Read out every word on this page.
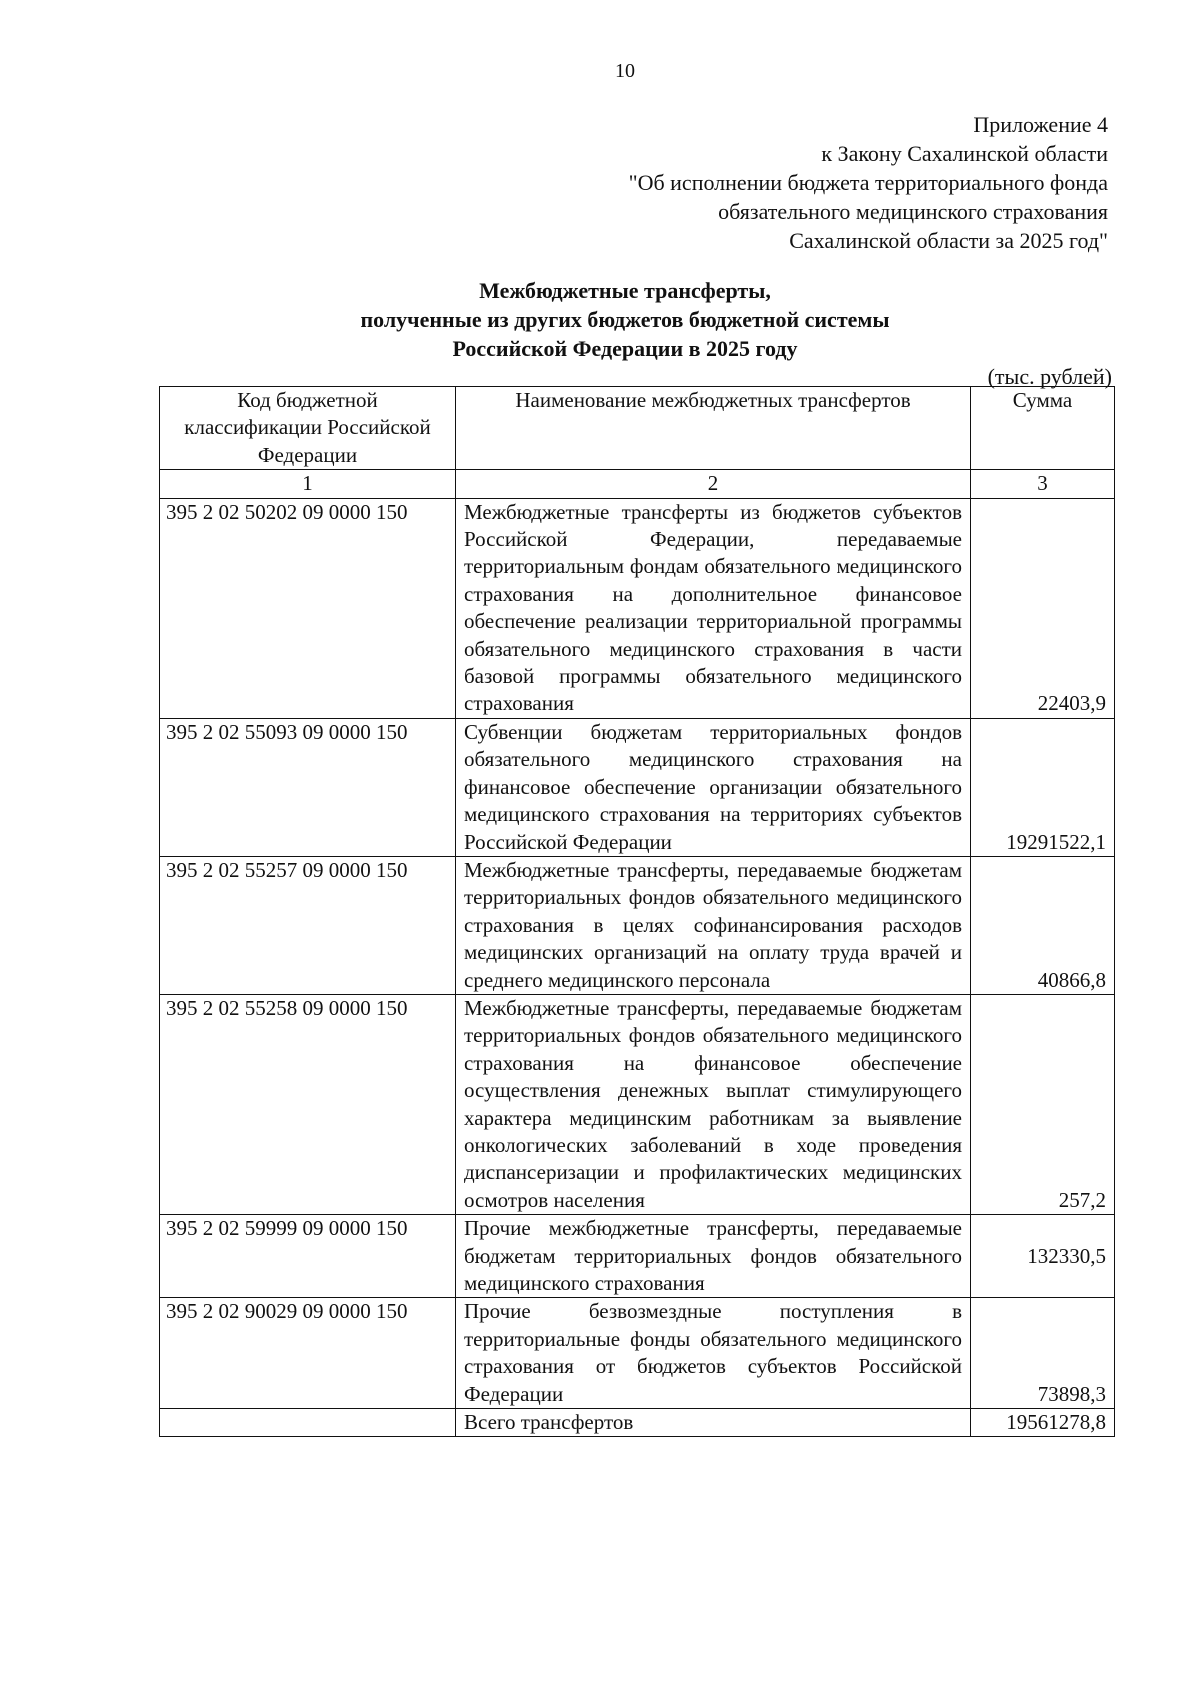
10
Приложение 4
к Закону Сахалинской области
"Об исполнении бюджета территориального фонда
обязательного медицинского страхования
Сахалинской области за 2025 год"
Межбюджетные трансферты,
полученные из других бюджетов бюджетной системы
Российской Федерации в 2025 году
(тыс. рублей)
Код бюджетной классификации Российской Федерации	Наименование межбюджетных трансфертов	Сумма
1	2	3
395 2 02 50202 09 0000 150	Межбюджетные трансферты из бюджетов субъектов Российской Федерации, передаваемые территориальным фондам обязательного медицинского страхования на дополнительное финансовое обеспечение реализации территориальной программы обязательного медицинского страхования в части базовой программы обязательного медицинского страхования	22403,9
395 2 02 55093 09 0000 150	Субвенции бюджетам территориальных фондов обязательного медицинского страхования на финансовое обеспечение организации обязательного медицинского страхования на территориях субъектов Российской Федерации	19291522,1
395 2 02 55257 09 0000 150	Межбюджетные трансферты, передаваемые бюджетам территориальных фондов обязательного медицинского страхования в целях софинансирования расходов медицинских организаций на оплату труда врачей и среднего медицинского персонала	40866,8
395 2 02 55258 09 0000 150	Межбюджетные трансферты, передаваемые бюджетам территориальных фондов обязательного медицинского страхования на финансовое обеспечение осуществления денежных выплат стимулирующего характера медицинским работникам за выявление онкологических заболеваний в ходе проведения диспансеризации и профилактических медицинских осмотров населения	257,2
395 2 02 59999 09 0000 150	Прочие межбюджетные трансферты, передаваемые бюджетам территориальных фондов обязательного медицинского страхования	132330,5
395 2 02 90029 09 0000 150	Прочие безвозмездные поступления в территориальные фонды обязательного медицинского страхования от бюджетов субъектов Российской Федерации	73898,3
	Всего трансфертов	19561278,8
